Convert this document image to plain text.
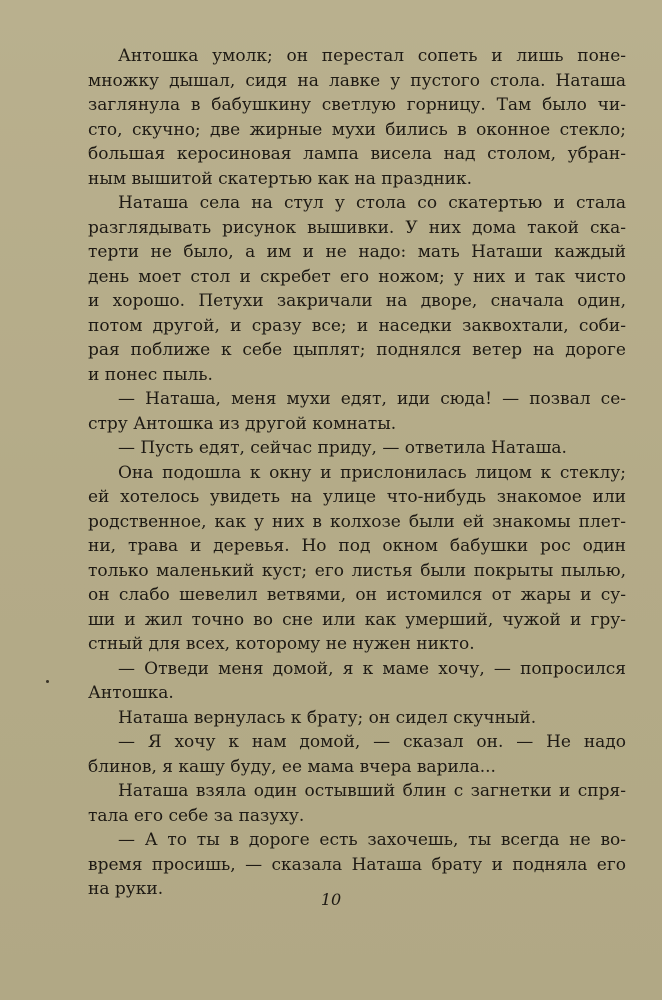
Антошка умолк; он перестал сопеть и лишь поне-
множку дышал, сидя на лавке у пустого стола. Наташа
заглянула в бабушкину светлую горницу. Там было чи-
сто, скучно; две жирные мухи бились в оконное стекло;
большая керосиновая лампа висела над столом, убран-
ным вышитой скатертью как на праздник.
Наташа села на стул у стола со скатертью и стала
разглядывать рисунок вышивки. У них дома такой ска-
терти не было, а им и не надо: мать Наташи каждый
день моет стол и скребет его ножом; у них и так чисто
и хорошо. Петухи закричали на дворе, сначала один,
потом другой, и сразу все; и наседки заквохтали, соби-
рая поближе к себе цыплят; поднялся ветер на дороге
и понес пыль.
— Наташа, меня мухи едят, иди сюда! — позвал се-
стру Антошка из другой комнаты.
— Пусть едят, сейчас приду, — ответила Наташа.
Она подошла к окну и прислонилась лицом к стеклу;
ей хотелось увидеть на улице что-нибудь знакомое или
родственное, как у них в колхозе были ей знакомы плет-
ни, трава и деревья. Но под окном бабушки рос один
только маленький куст; его листья были покрыты пылью,
он слабо шевелил ветвями, он истомился от жары и су-
ши и жил точно во сне или как умерший, чужой и гру-
стный для всех, которому не нужен никто.
— Отведи меня домой, я к маме хочу, — попросился
Антошка.
Наташа вернулась к брату; он сидел скучный.
— Я хочу к нам домой, — сказал он. — Не надо
блинов, я кашу буду, ее мама вчера варила...
Наташа взяла один остывший блин с загнетки и спря-
тала его себе за пазуху.
— А то ты в дороге есть захочешь, ты всегда не во-
время просишь, — сказала Наташа брату и подняла его
на руки.
10
